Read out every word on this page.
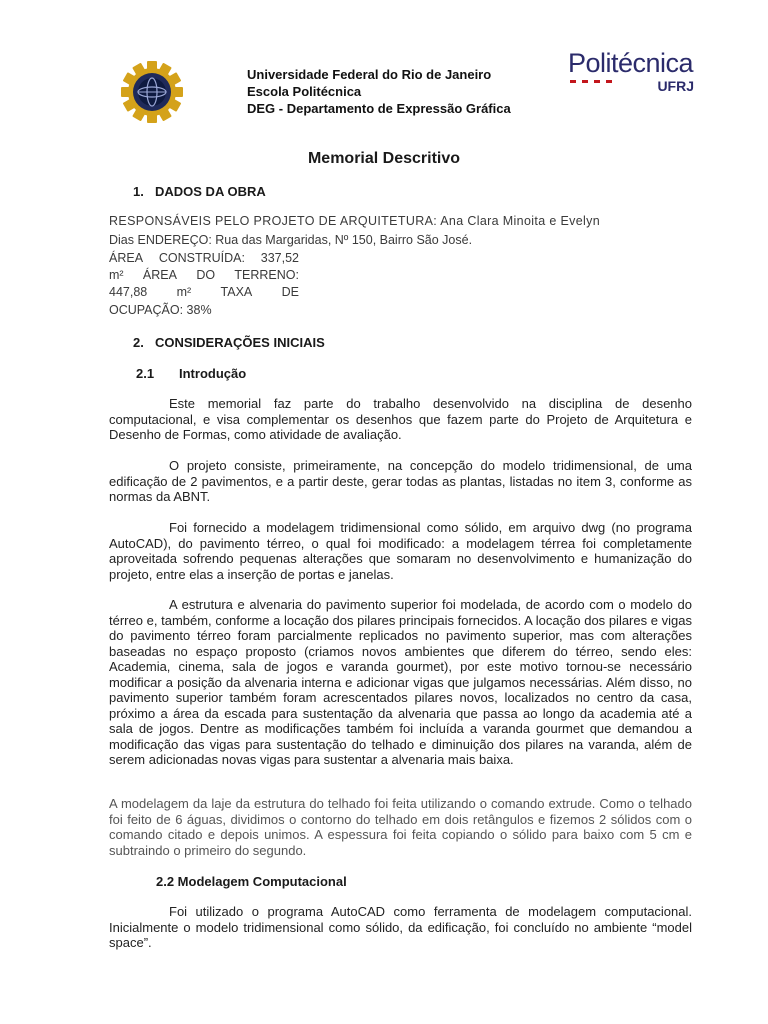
Universidade Federal do Rio de Janeiro
Escola Politécnica
DEG - Departamento de Expressão Gráfica
Politécnica
UFRJ
Memorial Descritivo
1. DADOS DA OBRA
RESPONSÁVEIS PELO PROJETO DE ARQUITETURA: Ana Clara Minoita e Evelyn
Dias ENDEREÇO: Rua das Margaridas, Nº 150, Bairro São José.
ÁREA CONSTRUÍDA: 337,52
m² ÁREA DO TERRENO:
447,88 m² TAXA DE
OCUPAÇÃO: 38%
2. CONSIDERAÇÕES INICIAIS
2.1 Introdução
Este memorial faz parte do trabalho desenvolvido na disciplina de desenho computacional, e visa complementar os desenhos que fazem parte do Projeto de Arquitetura e Desenho de Formas, como atividade de avaliação.
O projeto consiste, primeiramente, na concepção do modelo tridimensional, de uma edificação de 2 pavimentos, e a partir deste, gerar todas as plantas, listadas no item 3, conforme as normas da ABNT.
Foi fornecido a modelagem tridimensional como sólido, em arquivo dwg (no programa AutoCAD), do pavimento térreo, o qual foi modificado: a modelagem térrea foi completamente aproveitada sofrendo pequenas alterações que somaram no desenvolvimento e humanização do projeto, entre elas a inserção de portas e janelas.
A estrutura e alvenaria do pavimento superior foi modelada, de acordo com o modelo do térreo e, também, conforme a locação dos pilares principais fornecidos. A locação dos pilares e vigas do pavimento térreo foram parcialmente replicados no pavimento superior, mas com alterações baseadas no espaço proposto (criamos novos ambientes que diferem do térreo, sendo eles: Academia, cinema, sala de jogos e varanda gourmet), por este motivo tornou-se necessário modificar a posição da alvenaria interna e adicionar vigas que julgamos necessárias. Além disso, no pavimento superior também foram acrescentados pilares novos, localizados no centro da casa, próximo a área da escada para sustentação da alvenaria que passa ao longo da academia até a sala de jogos. Dentre as modificações também foi incluída a varanda gourmet que demandou a modificação das vigas para sustentação do telhado e diminuição dos pilares na varanda, além de serem adicionadas novas vigas para sustentar a alvenaria mais baixa.
A modelagem da laje da estrutura do telhado foi feita utilizando o comando extrude. Como o telhado foi feito de 6 águas, dividimos o contorno do telhado em dois retângulos e fizemos 2 sólidos com o comando citado e depois unimos. A espessura foi feita copiando o sólido para baixo com 5 cm e subtraindo o primeiro do segundo.
2.2 Modelagem Computacional
Foi utilizado o programa AutoCAD como ferramenta de modelagem computacional. Inicialmente o modelo tridimensional como sólido, da edificação, foi concluído no ambiente “model space”.
